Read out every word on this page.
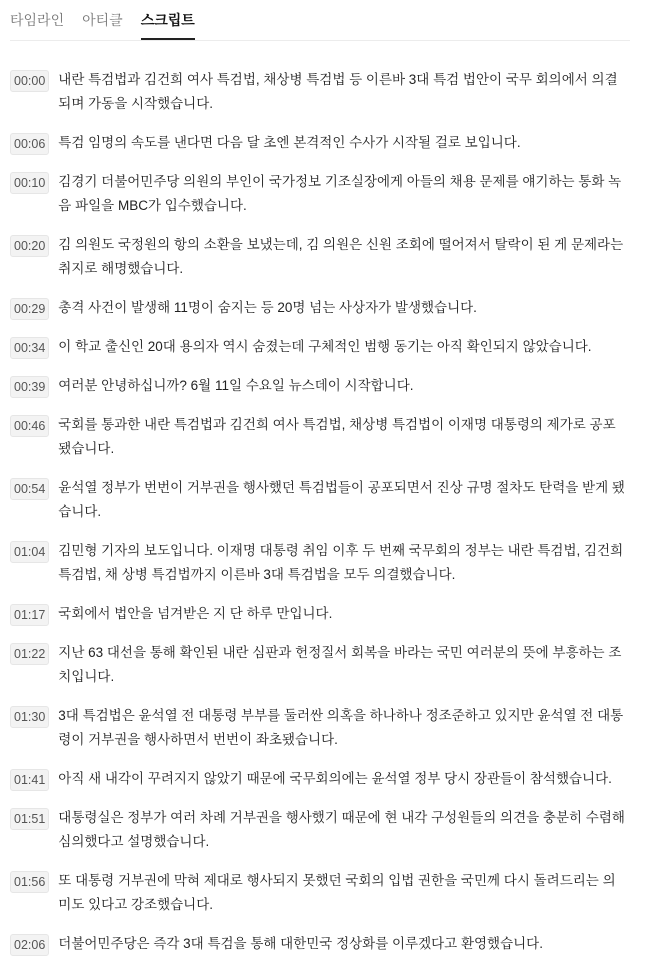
타임라인 아티클 스크립트
00:00 내란 특검법과 김건희 여사 특검법, 채상병 특검법 등 이른바 3대 특검 법안이 국무 회의에서 의결되며 가동을 시작했습니다.
00:06 특검 임명의 속도를 낸다면 다음 달 초엔 본격적인 수사가 시작될 걸로 보입니다.
00:10 김경기 더불어민주당 의원의 부인이 국가정보 기조실장에게 아들의 채용 문제를 얘기하는 통화 녹음 파일을 MBC가 입수했습니다.
00:20 김 의원도 국정원의 항의 소환을 보냈는데, 김 의원은 신원 조회에 떨어져서 탈락이 된 게 문제라는 취지로 해명했습니다.
00:29 총격 사건이 발생해 11명이 숨지는 등 20명 넘는 사상자가 발생했습니다.
00:34 이 학교 출신인 20대 용의자 역시 숨졌는데 구체적인 범행 동기는 아직 확인되지 않았습니다.
00:39 여러분 안녕하십니까? 6월 11일 수요일 뉴스데이 시작합니다.
00:46 국회를 통과한 내란 특검법과 김건희 여사 특검법, 채상병 특검법이 이재명 대통령의 제가로 공포됐습니다.
00:54 윤석열 정부가 번번이 거부권을 행사했던 특검법들이 공포되면서 진상 규명 절차도 탄력을 받게 됐습니다.
01:04 김민형 기자의 보도입니다. 이재명 대통령 취임 이후 두 번째 국무회의 정부는 내란 특검법, 김건희 특검법, 채 상병 특검법까지 이른바 3대 특검법을 모두 의결했습니다.
01:17 국회에서 법안을 넘겨받은 지 단 하루 만입니다.
01:22 지난 63 대선을 통해 확인된 내란 심판과 헌정질서 회복을 바라는 국민 여러분의 뜻에 부흥하는 조치입니다.
01:30 3대 특검법은 윤석열 전 대통령 부부를 둘러싼 의혹을 하나하나 정조준하고 있지만 윤석열 전 대통령이 거부권을 행사하면서 번번이 좌초됐습니다.
01:41 아직 새 내각이 꾸려지지 않았기 때문에 국무회의에는 윤석열 정부 당시 장관들이 참석했습니다.
01:51 대통령실은 정부가 여러 차례 거부권을 행사했기 때문에 현 내각 구성원들의 의견을 충분히 수렴해 심의했다고 설명했습니다.
01:56 또 대통령 거부권에 막혀 제대로 행사되지 못했던 국회의 입법 권한을 국민께 다시 돌려드리는 의미도 있다고 강조했습니다.
02:06 더불어민주당은 즉각 3대 특검을 통해 대한민국 정상화를 이루겠다고 환영했습니다.
